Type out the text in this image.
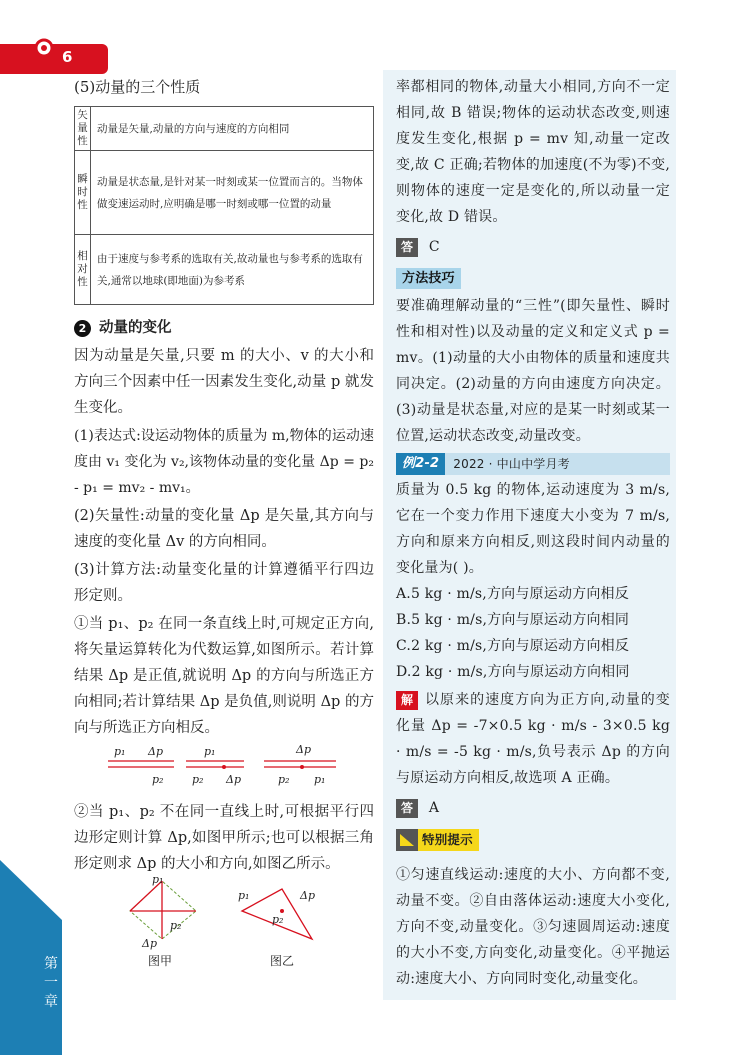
6
第一章
(5)动量的三个性质
矢量性	动量是矢量,动量的方向与速度的方向相同
瞬时性	动量是状态量,是针对某一时刻或某一位置而言的。当物体做变速运动时,应明确是哪一时刻或哪一位置的动量
相对性	由于速度与参考系的选取有关,故动量也与参考系的选取有关,通常以地球(即地面)为参考系
2 动量的变化
因为动量是矢量,只要 m 的大小、v 的大小和方向三个因素中任一因素发生变化,动量 p 就发生变化。
(1)表达式:设运动物体的质量为 m,物体的运动速度由 v₁ 变化为 v₂,该物体动量的变化量 Δp = p₂ - p₁ = mv₂ - mv₁。
(2)矢量性:动量的变化量 Δp 是矢量,其方向与速度的变化量 Δv 的方向相同。
(3)计算方法:动量变化量的计算遵循平行四边形定则。
①当 p₁、p₂ 在同一条直线上时,可规定正方向,将矢量运算转化为代数运算,如图所示。若计算结果 Δp 是正值,就说明 Δp 的方向与所选正方向相同;若计算结果 Δp 是负值,则说明 Δp 的方向与所选正方向相反。
p₁ Δp
p₂
p₁
p₂ Δp
Δp
p₂ p₁
②当 p₁、p₂ 不在同一直线上时,可根据平行四边形定则计算 Δp,如图甲所示;也可以根据三角形定则求 Δp 的大小和方向,如图乙所示。
p₁
p₂
Δp
图甲
p₁
p₂
Δp
图乙
率都相同的物体,动量大小相同,方向不一定相同,故 B 错误;物体的运动状态改变,则速度发生变化,根据 p = mv 知,动量一定改变,故 C 正确;若物体的加速度(不为零)不变,则物体的速度一定是变化的,所以动量一定变化,故 D 错误。
答 C
方法技巧
要准确理解动量的“三性”(即矢量性、瞬时性和相对性)以及动量的定义和定义式 p = mv。(1)动量的大小由物体的质量和速度共同决定。(2)动量的方向由速度方向决定。(3)动量是状态量,对应的是某一时刻或某一位置,运动状态改变,动量改变。
例2-2	2022 · 中山中学月考
质量为 0.5 kg 的物体,运动速度为 3 m/s,它在一个变力作用下速度大小变为 7 m/s,方向和原来方向相反,则这段时间内动量的变化量为( )。
A.5 kg · m/s,方向与原运动方向相反
B.5 kg · m/s,方向与原运动方向相同
C.2 kg · m/s,方向与原运动方向相反
D.2 kg · m/s,方向与原运动方向相同
解 以原来的速度方向为正方向,动量的变化量 Δp = -7×0.5 kg · m/s - 3×0.5 kg · m/s = -5 kg · m/s,负号表示 Δp 的方向与原运动方向相反,故选项 A 正确。
答 A
特别提示
①匀速直线运动:速度的大小、方向都不变,动量不变。②自由落体运动:速度大小变化,方向不变,动量变化。③匀速圆周运动:速度的大小不变,方向变化,动量变化。④平抛运动:速度大小、方向同时变化,动量变化。
